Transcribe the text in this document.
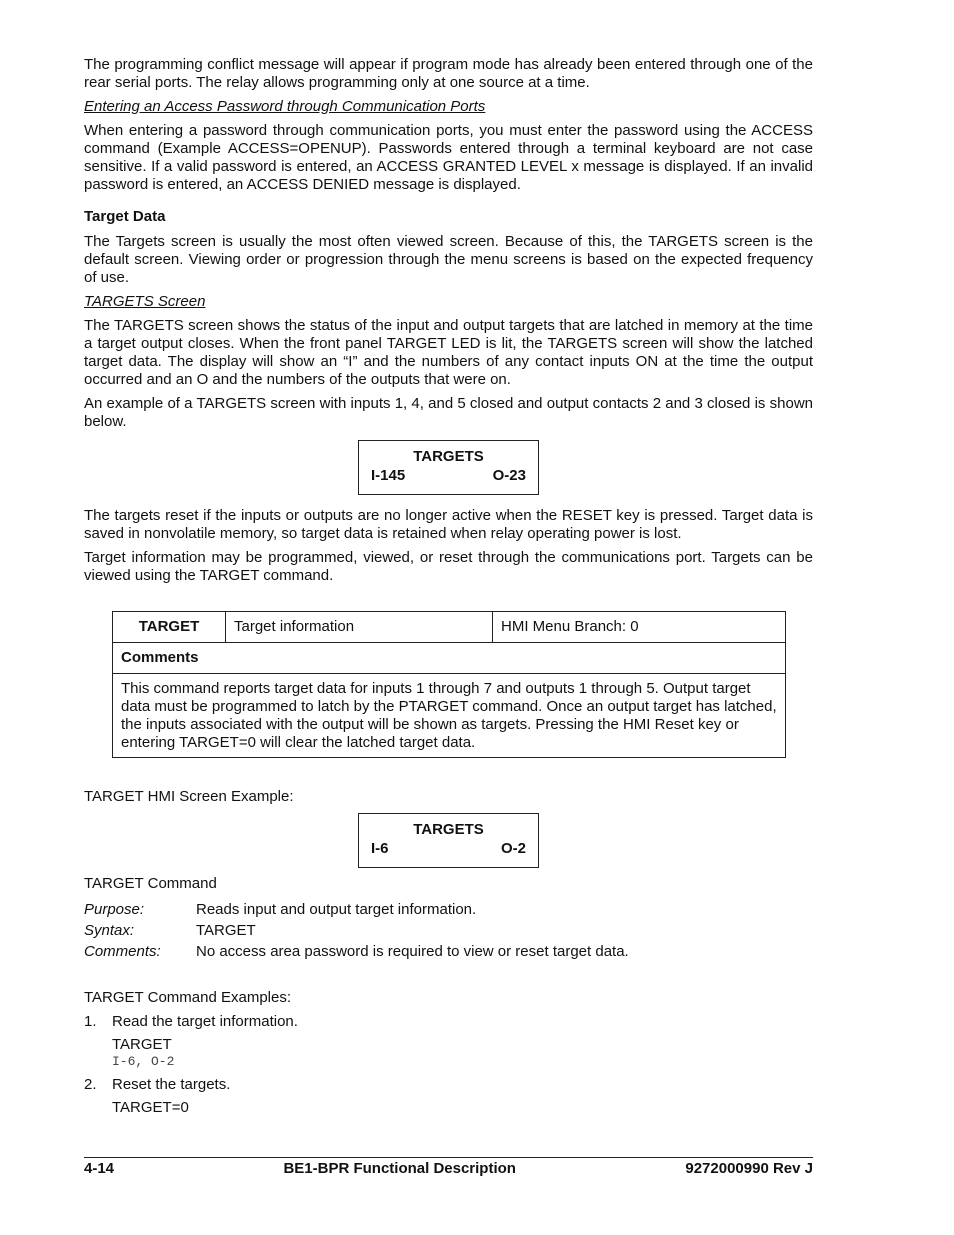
The programming conflict message will appear if program mode has already been entered through one of the rear serial ports. The relay allows programming only at one source at a time.

Entering an Access Password through Communication Ports

When entering a password through communication ports, you must enter the password using the ACCESS command (Example ACCESS=OPENUP). Passwords entered through a terminal keyboard are not case sensitive. If a valid password is entered, an ACCESS GRANTED LEVEL x message is displayed. If an invalid password is entered, an ACCESS DENIED message is displayed.

Target Data

The Targets screen is usually the most often viewed screen. Because of this, the TARGETS screen is the default screen. Viewing order or progression through the menu screens is based on the expected frequency of use.

TARGETS Screen

The TARGETS screen shows the status of the input and output targets that are latched in memory at the time a target output closes. When the front panel TARGET LED is lit, the TARGETS screen will show the latched target data. The display will show an “I” and the numbers of any contact inputs ON at the time the output occurred and an O and the numbers of the outputs that were on.

An example of a TARGETS screen with inputs 1, 4, and 5 closed and output contacts 2 and 3 closed is shown below.

TARGETS
I-145	O-23

The targets reset if the inputs or outputs are no longer active when the RESET key is pressed. Target data is saved in nonvolatile memory, so target data is retained when relay operating power is lost.

Target information may be programmed, viewed, or reset through the communications port. Targets can be viewed using the TARGET command.

TARGET	Target information	HMI Menu Branch: 0
Comments
This command reports target data for inputs 1 through 7 and outputs 1 through 5. Output target data must be programmed to latch by the PTARGET command. Once an output target has latched, the inputs associated with the output will be shown as targets. Pressing the HMI Reset key or entering TARGET=0 will clear the latched target data.

TARGET HMI Screen Example:

TARGETS
I-6	O-2

TARGET Command

Purpose:	Reads input and output target information.
Syntax:	TARGET
Comments:	No access area password is required to view or reset target data.

TARGET Command Examples:

1.	Read the target information.
TARGET
I-6, O-2
2.	Reset the targets.
TARGET=0
4-14	BE1-BPR Functional Description	9272000990 Rev J
